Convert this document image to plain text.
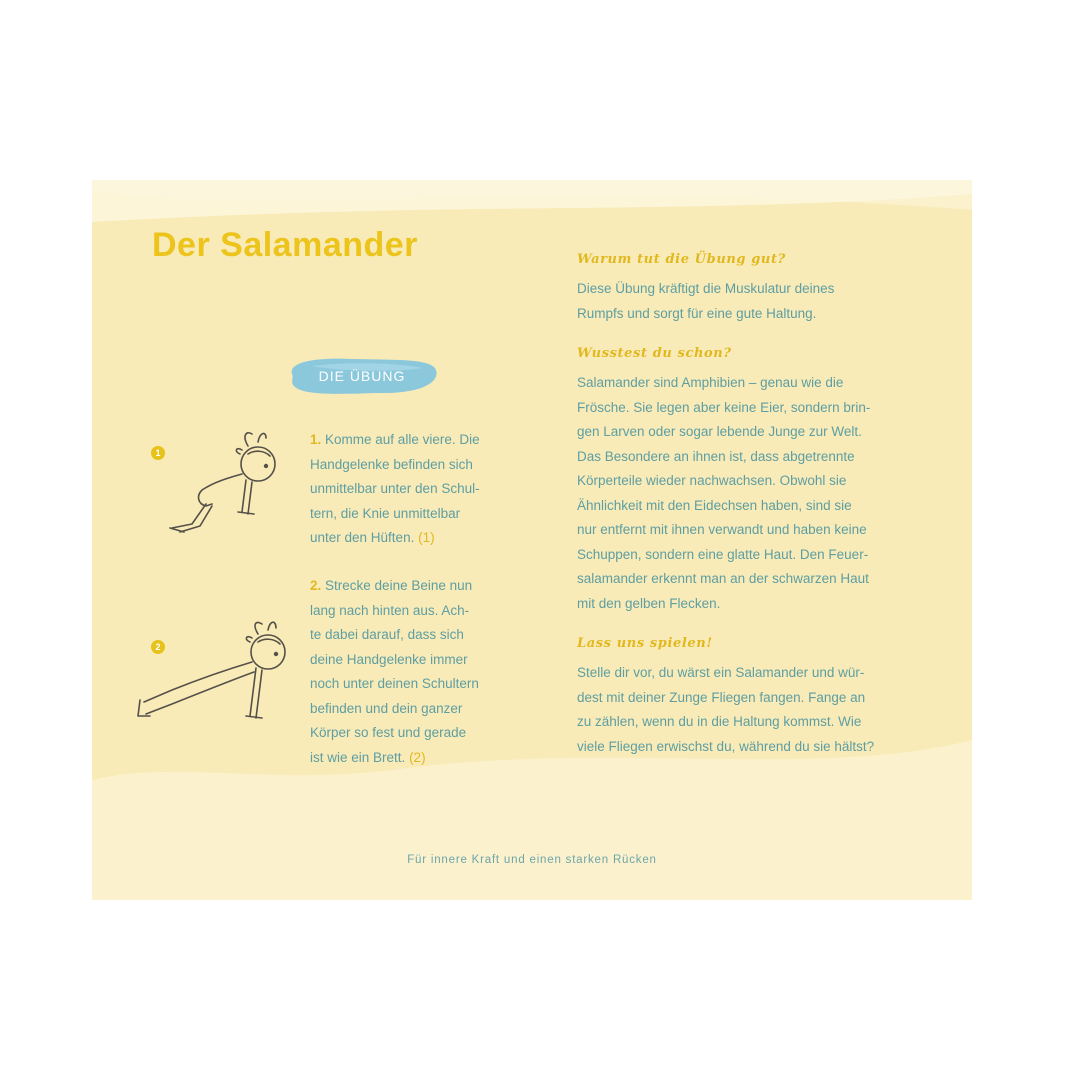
Der Salamander
DIE ÜBUNG
1

1. Komme auf alle viere. Die
Handgelenke befinden sich
unmittelbar unter den Schul-
tern, die Knie unmittelbar
unter den Hüften. (1)

2

2. Strecke deine Beine nun
lang nach hinten aus. Ach-
te dabei darauf, dass sich
deine Handgelenke immer
noch unter deinen Schultern
befinden und dein ganzer
Körper so fest und gerade
ist wie ein Brett. (2)

Warum tut die Übung gut?

Diese Übung kräftigt die Muskulatur deines
Rumpfs und sorgt für eine gute Haltung.

Wusstest du schon?

Salamander sind Amphibien – genau wie die
Frösche. Sie legen aber keine Eier, sondern brin-
gen Larven oder sogar lebende Junge zur Welt.
Das Besondere an ihnen ist, dass abgetrennte
Körperteile wieder nachwachsen. Obwohl sie
Ähnlichkeit mit den Eidechsen haben, sind sie
nur entfernt mit ihnen verwandt und haben keine
Schuppen, sondern eine glatte Haut. Den Feuer-
salamander erkennt man an der schwarzen Haut
mit den gelben Flecken.

Lass uns spielen!

Stelle dir vor, du wärst ein Salamander und wür-
dest mit deiner Zunge Fliegen fangen. Fange an
zu zählen, wenn du in die Haltung kommst. Wie
viele Fliegen erwischst du, während du sie hältst?

Für innere Kraft und einen starken Rücken
